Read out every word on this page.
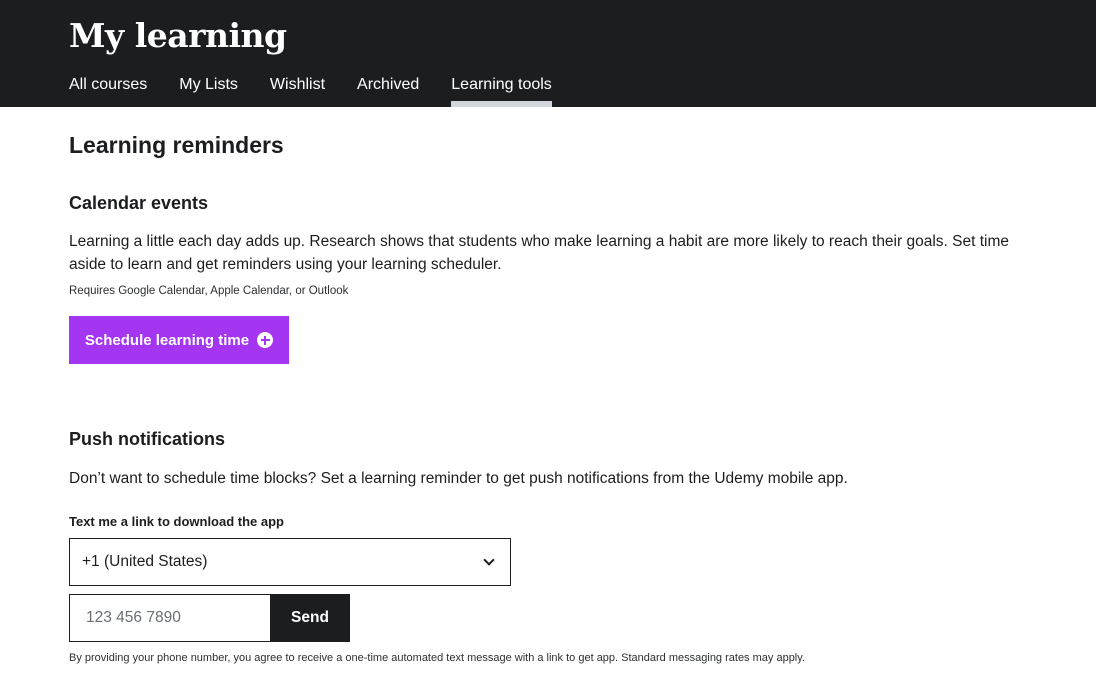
My learning
All courses My Lists Wishlist Archived Learning tools
Learning reminders
Calendar events

Learning a little each day adds up. Research shows that students who make learning a habit are more likely to reach their goals. Set time aside to learn and get reminders using your learning scheduler.

Requires Google Calendar, Apple Calendar, or Outlook

Schedule learning time
Push notifications

Don’t want to schedule time blocks? Set a learning reminder to get push notifications from the Udemy mobile app.

Text me a link to download the app
+1 (United States)
123 456 7890
Send

By providing your phone number, you agree to receive a one-time automated text message with a link to get app. Standard messaging rates may apply.
